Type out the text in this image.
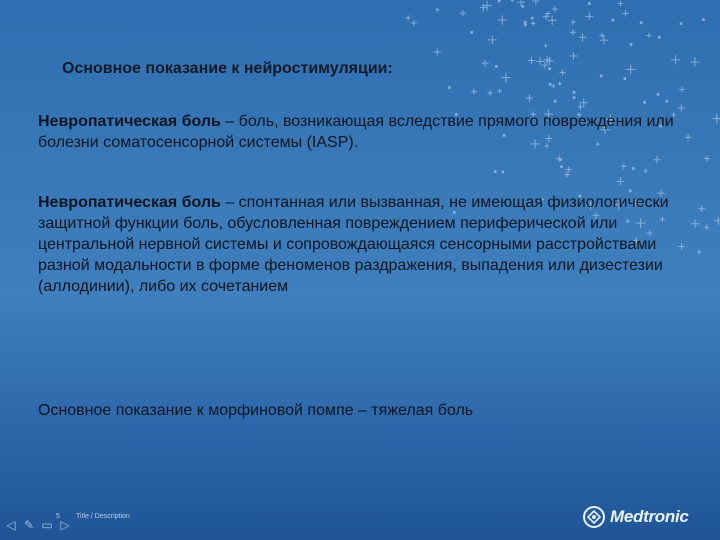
Основное показание к нейростимуляции:

Невропатическая боль – боль, возникающая вследствие прямого повреждения или болезни соматосенсорной системы (IASP).

Невропатическая боль – спонтанная или вызванная, не имеющая физиологически защитной функции боль, обусловленная повреждением периферической или центральной нервной системы и сопровождающаяся сенсорными расстройствами разной модальности в форме феноменов раздражения, выпадения или дизестезии (аллодинии), либо их сочетанием

Основное показание к морфиновой помпе – тяжелая боль

◁ ✎ ▭ ▷
5 Title / Description	Medtronic
